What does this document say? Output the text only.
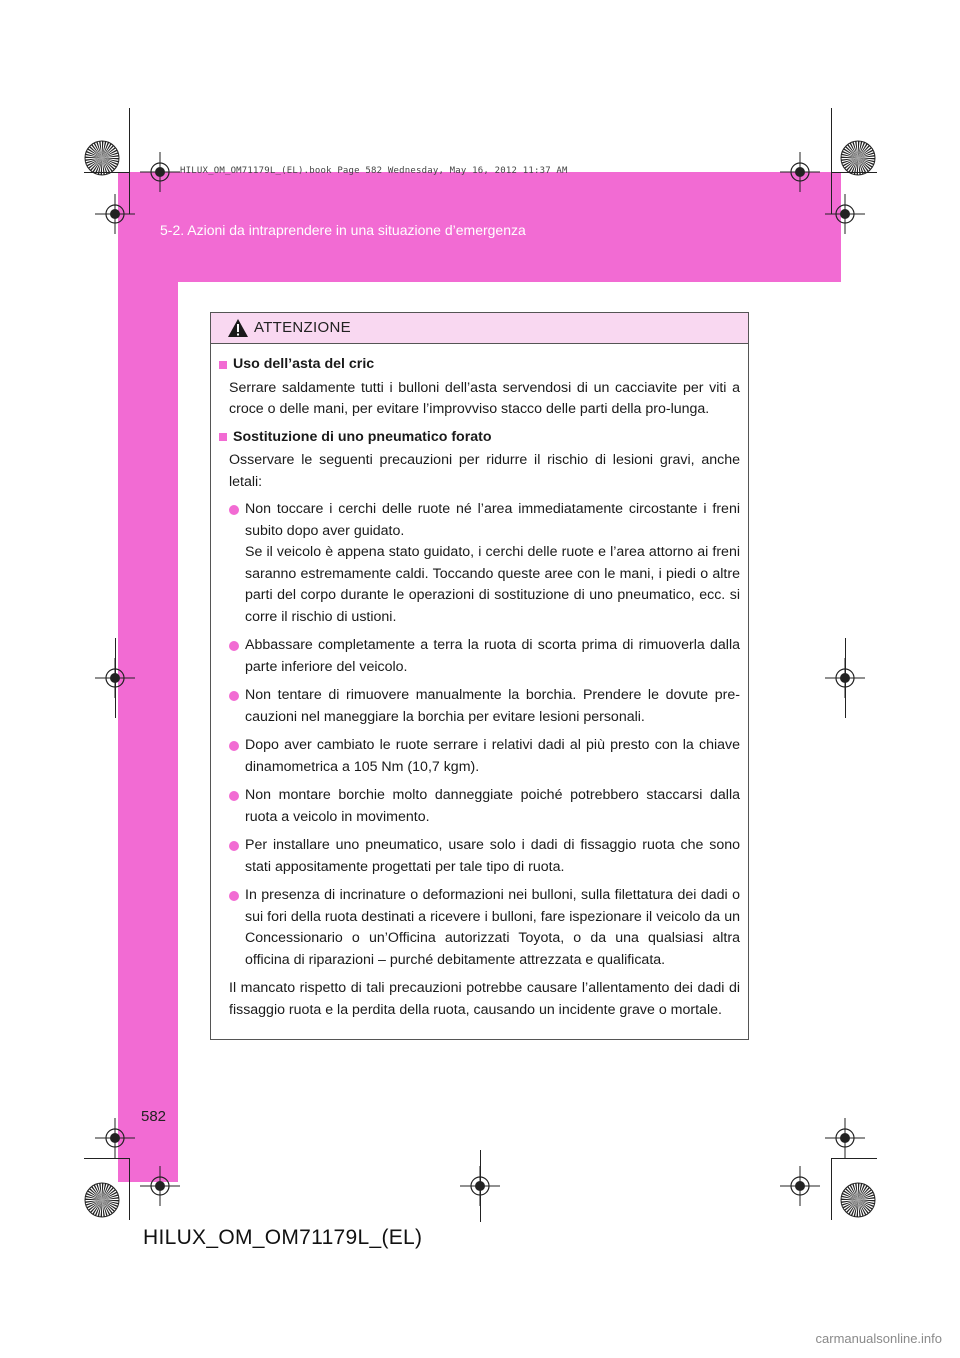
5-2. Azioni da intraprendere in una situazione d’emergenza
HILUX_OM_OM71179L_(EL).book Page 582 Wednesday, May 16, 2012 11:37 AM
ATTENZIONE
Uso dell’asta del cric
Serrare saldamente tutti i bulloni dell’asta servendosi di un cacciavite per viti a croce o delle mani, per evitare l’improvviso stacco delle parti della pro-lunga.
Sostituzione di uno pneumatico forato
Osservare le seguenti precauzioni per ridurre il rischio di lesioni gravi, anche letali:
Non toccare i cerchi delle ruote né l’area immediatamente circostante i freni subito dopo aver guidato.
Se il veicolo è appena stato guidato, i cerchi delle ruote e l’area attorno ai freni saranno estremamente caldi. Toccando queste aree con le mani, i piedi o altre parti del corpo durante le operazioni di sostituzione di uno pneumatico, ecc. si corre il rischio di ustioni.
Abbassare completamente a terra la ruota di scorta prima di rimuoverla dalla parte inferiore del veicolo.
Non tentare di rimuovere manualmente la borchia. Prendere le dovute pre-cauzioni nel maneggiare la borchia per evitare lesioni personali.
Dopo aver cambiato le ruote serrare i relativi dadi al più presto con la chiave dinamometrica a 105 Nm (10,7 kgm).
Non montare borchie molto danneggiate poiché potrebbero staccarsi dalla ruota a veicolo in movimento.
Per installare uno pneumatico, usare solo i dadi di fissaggio ruota che sono stati appositamente progettati per tale tipo di ruota.
In presenza di incrinature o deformazioni nei bulloni, sulla filettatura dei dadi o sui fori della ruota destinati a ricevere i bulloni, fare ispezionare il veicolo da un Concessionario o un’Officina autorizzati Toyota, o da una qualsiasi altra officina di riparazioni – purché debitamente attrezzata e qualificata.
Il mancato rispetto di tali precauzioni potrebbe causare l’allentamento dei dadi di fissaggio ruota e la perdita della ruota, causando un incidente grave o mortale.
582
HILUX_OM_OM71179L_(EL)
carmanualsonline.info
